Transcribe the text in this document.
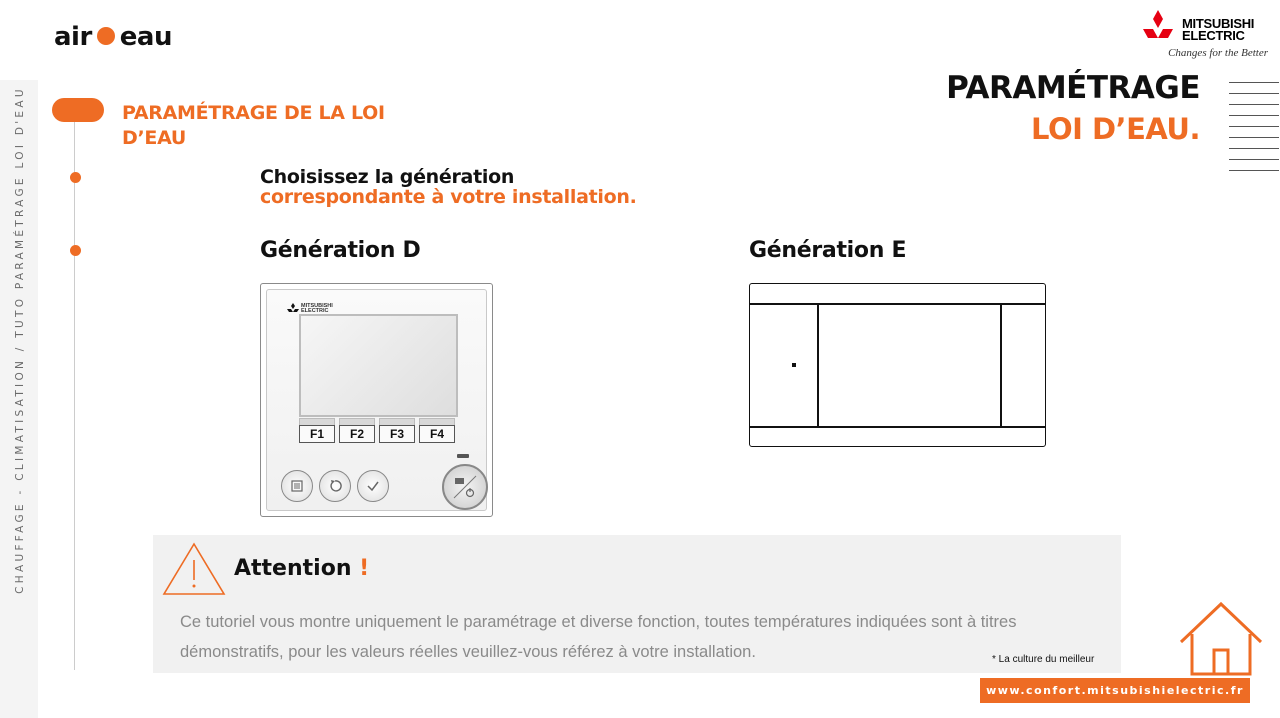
CHAUFFAGE - CLIMATISATION / TUTO PARAMÉTRAGE LOI D'EAU
air eau	MITSUBISHI
ELECTRIC
Changes for the Better
PARAMÉTRAGE
LOI D’EAU.
PARAMÉTRAGE DE LA LOI D’EAU
Choisissez la génération
correspondante à votre installation.
Génération D	Génération E
MITSUBISHI
ELECTRIC
F1	F2	F3	F4
Attention !
Ce tutoriel vous montre uniquement le paramétrage et diverse fonction, toutes températures indiquées sont à titres démonstratifs, pour les valeurs réelles veuillez-vous référez à votre installation.	* La culture du meilleur
www.confort.mitsubishielectric.fr
